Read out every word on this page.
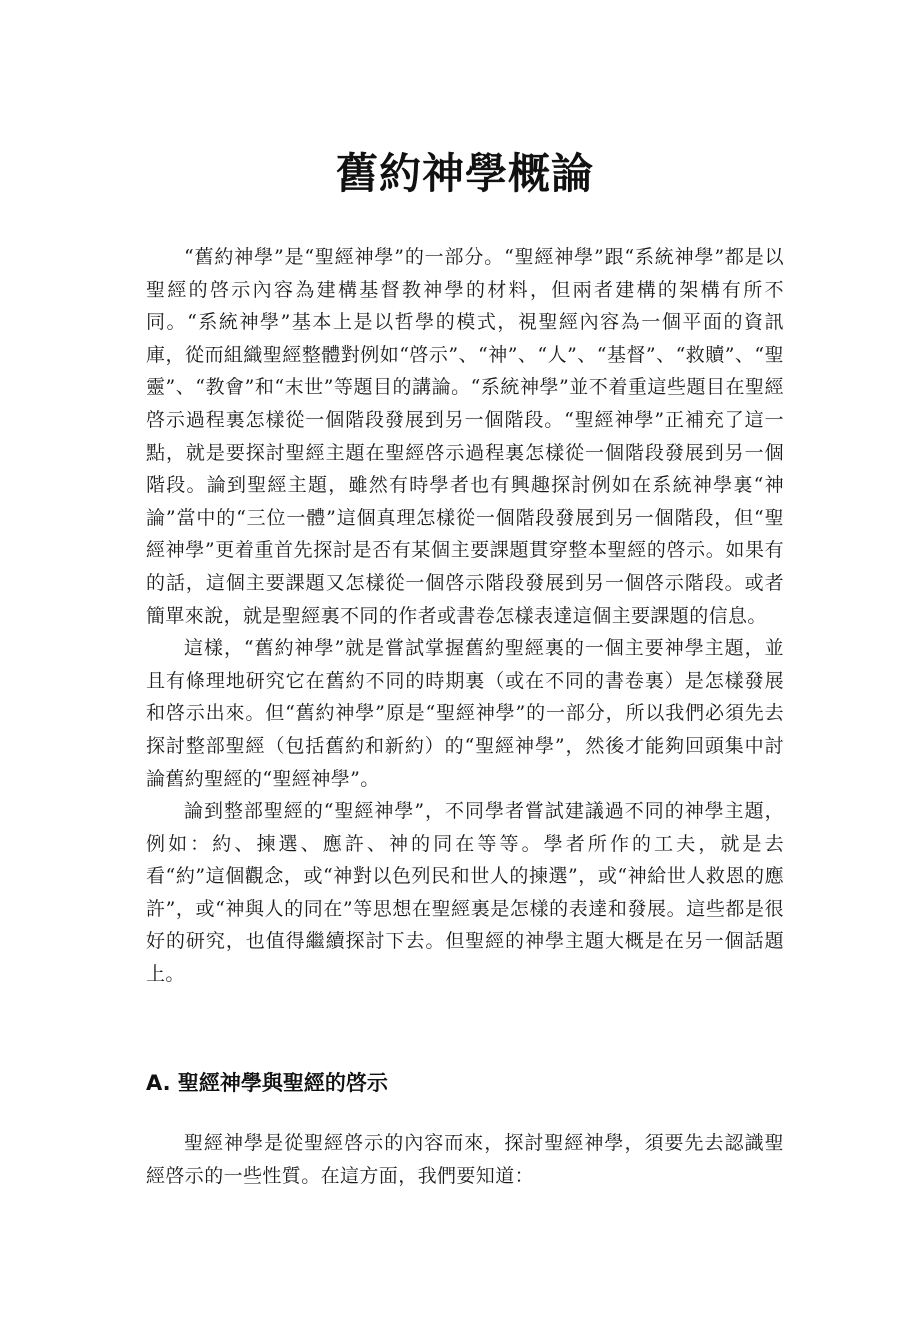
舊約神學概論

“舊約神學”是“聖經神學”的一部分。“聖經神學”跟“系統神學”都是以聖經的啓示內容為建構基督教神學的材料，但兩者建構的架構有所不同。“系統神學”基本上是以哲學的模式，視聖經內容為一個平面的資訊庫，從而組織聖經整體對例如“啓示”、“神”、“人”、“基督”、“救贖”、“聖靈”、“教會”和“末世”等題目的講論。“系統神學”並不着重這些題目在聖經啓示過程裏怎樣從一個階段發展到另一個階段。“聖經神學”正補充了這一點，就是要探討聖經主題在聖經啓示過程裏怎樣從一個階段發展到另一個階段。論到聖經主題，雖然有時學者也有興趣探討例如在系統神學裏“神論”當中的“三位一體”這個真理怎樣從一個階段發展到另一個階段，但“聖經神學”更着重首先探討是否有某個主要課題貫穿整本聖經的啓示。如果有的話，這個主要課題又怎樣從一個啓示階段發展到另一個啓示階段。或者簡單來說，就是聖經裏不同的作者或書卷怎樣表達這個主要課題的信息。

這樣，“舊約神學”就是嘗試掌握舊約聖經裏的一個主要神學主題，並且有條理地研究它在舊約不同的時期裏（或在不同的書卷裏）是怎樣發展和啓示出來。但“舊約神學”原是“聖經神學”的一部分，所以我們必須先去探討整部聖經（包括舊約和新約）的“聖經神學”，然後才能夠回頭集中討論舊約聖經的“聖經神學”。

論到整部聖經的“聖經神學”，不同學者嘗試建議過不同的神學主題，例如：約、揀選、應許、神的同在等等。學者所作的工夫，就是去看“約”這個觀念，或“神對以色列民和世人的揀選”，或“神給世人救恩的應許”，或“神與人的同在”等思想在聖經裏是怎樣的表達和發展。這些都是很好的研究，也值得繼續探討下去。但聖經的神學主題大概是在另一個話題上。

A. 聖經神學與聖經的啓示

聖經神學是從聖經啓示的內容而來，探討聖經神學，須要先去認識聖經啓示的一些性質。在這方面，我們要知道：
